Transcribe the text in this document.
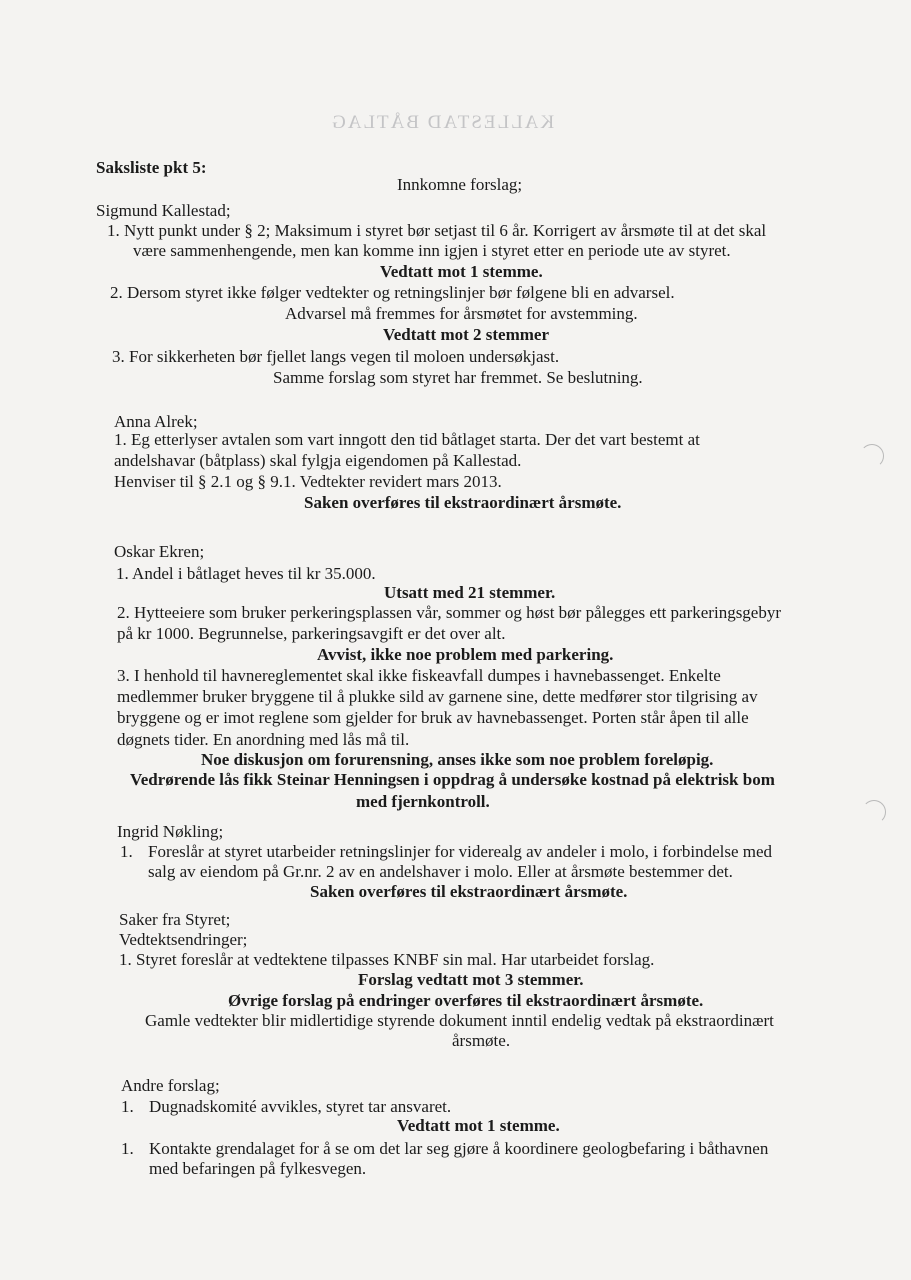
KALLESTAD BÅTLAG
Saksliste pkt 5:
Innkomne forslag;
Sigmund Kallestad;
1. Nytt punkt under § 2; Maksimum i styret bør setjast til 6 år. Korrigert av årsmøte til at det skal
være sammenhengende, men kan komme inn igjen i styret etter en periode ute av styret.
Vedtatt mot 1 stemme.
2. Dersom styret ikke følger vedtekter og retningslinjer bør følgene bli en advarsel.
Advarsel må fremmes for årsmøtet for avstemming.
Vedtatt mot 2 stemmer
3. For sikkerheten bør fjellet langs vegen til moloen undersøkjast.
Samme forslag som styret har fremmet. Se beslutning.
Anna Alrek;
1. Eg etterlyser avtalen som vart inngott den tid båtlaget starta. Der det vart bestemt at
andelshavar (båtplass) skal fylgja eigendomen på Kallestad.
Henviser til § 2.1 og § 9.1. Vedtekter revidert mars 2013.
Saken overføres til ekstraordinært årsmøte.
Oskar Ekren;
1. Andel i båtlaget heves til kr 35.000.
Utsatt med 21 stemmer.
2. Hytteeiere som bruker perkeringsplassen vår, sommer og høst bør pålegges ett parkeringsgebyr
på kr 1000. Begrunnelse, parkeringsavgift er det over alt.
Avvist, ikke noe problem med parkering.
3. I henhold til havnereglementet skal ikke fiskeavfall dumpes i havnebassenget. Enkelte
medlemmer bruker bryggene til å plukke sild av garnene sine, dette medfører stor tilgrising av
bryggene og er imot reglene som gjelder for bruk av havnebassenget. Porten står åpen til alle
døgnets tider. En anordning med lås må til.
Noe diskusjon om forurensning, anses ikke som noe problem foreløpig.
Vedrørende lås fikk Steinar Henningsen i oppdrag å undersøke kostnad på elektrisk bom
med fjernkontroll.
Ingrid Nøkling;
1. Foreslår at styret utarbeider retningslinjer for viderealg av andeler i molo, i forbindelse med
salg av eiendom på Gr.nr. 2 av en andelshaver i molo. Eller at årsmøte bestemmer det.
Saken overføres til ekstraordinært årsmøte.
Saker fra Styret;
Vedtektsendringer;
1. Styret foreslår at vedtektene tilpasses KNBF sin mal. Har utarbeidet forslag.
Forslag vedtatt mot 3 stemmer.
Øvrige forslag på endringer overføres til ekstraordinært årsmøte.
Gamle vedtekter blir midlertidige styrende dokument inntil endelig vedtak på ekstraordinært
årsmøte.
Andre forslag;
1. Dugnadskomité avvikles, styret tar ansvaret.
Vedtatt mot 1 stemme.
1. Kontakte grendalaget for å se om det lar seg gjøre å koordinere geologbefaring i båthavnen
med befaringen på fylkesvegen.
